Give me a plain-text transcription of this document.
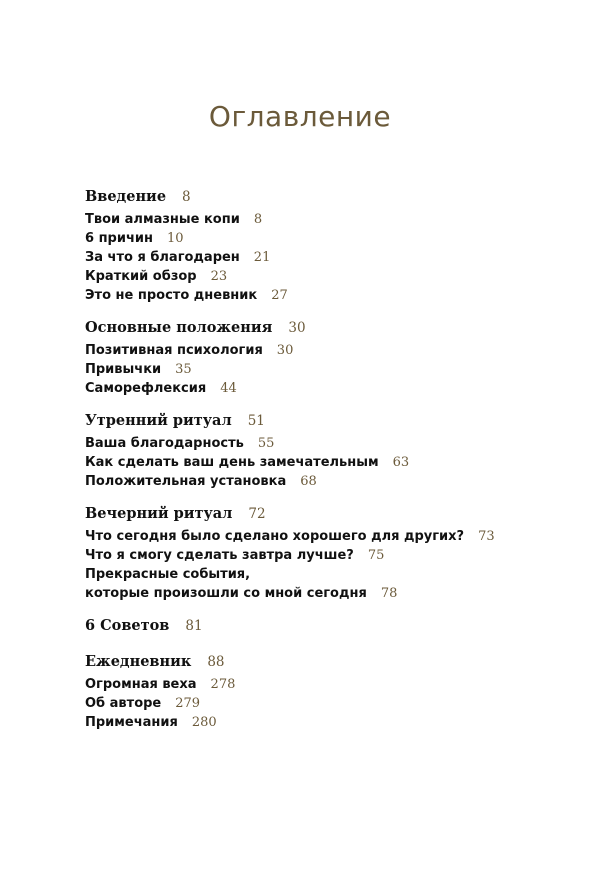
Оглавление
Введение 8
Твои алмазные копи 8
6 причин 10
За что я благодарен 21
Краткий обзор 23
Это не просто дневник 27
Основные положения 30
Позитивная психология 30
Привычки 35
Саморефлексия 44
Утренний ритуал 51
Ваша благодарность 55
Как сделать ваш день замечательным 63
Положительная установка 68
Вечерний ритуал 72
Что сегодня было сделано хорошего для других? 73
Что я смогу сделать завтра лучше? 75
Прекрасные события,
которые произошли со мной сегодня 78
6 Советов 81
Ежедневник 88
Огромная веха 278
Об авторе 279
Примечания 280
